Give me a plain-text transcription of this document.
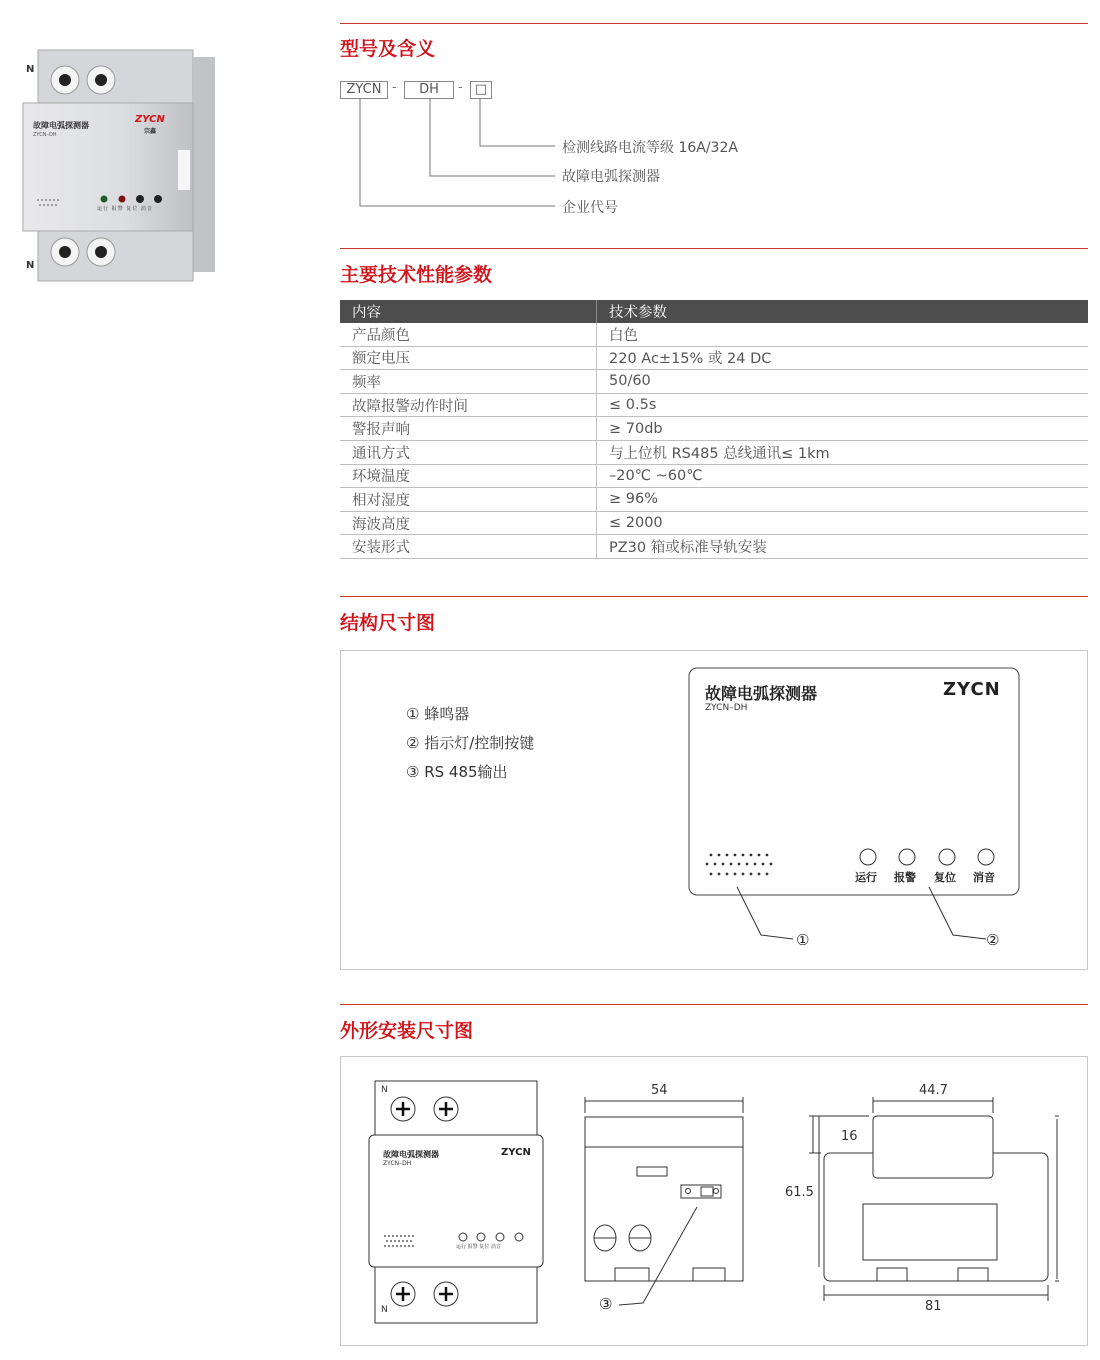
N
N
故障电弧探测器
ZYCN–DH
ZYCN
宗鑫
运行 报警 复位 消音
型号及含义
ZYCN -	DH	- □
检测线路电流等级 16A/32A
故障电弧探测器
企业代号
主要技术性能参数
内容	技术参数
产品颜色	白色
额定电压	220 Ac±15% 或 24 DC
频率	50/60
故障报警动作时间	≤ 0.5s
警报声响	≥ 70db
通讯方式	与上位机 RS485 总线通讯≤ 1km
环境温度	–20℃ ~60℃
相对湿度	≥ 96%
海波高度	≤ 2000
安装形式	PZ30 箱或标准导轨安装
结构尺寸图
① 蜂鸣器
② 指示灯/控制按键
③ RS 485输出
故障电弧探测器
ZYCN–DH
ZYCN
运行 报警 复位 消音
①	②
外形安装尺寸图
N
N
故障电弧探测器
ZYCN–DH
ZYCN
运行 报警 复位 消音
54	44.7
16
61.5
81
③
